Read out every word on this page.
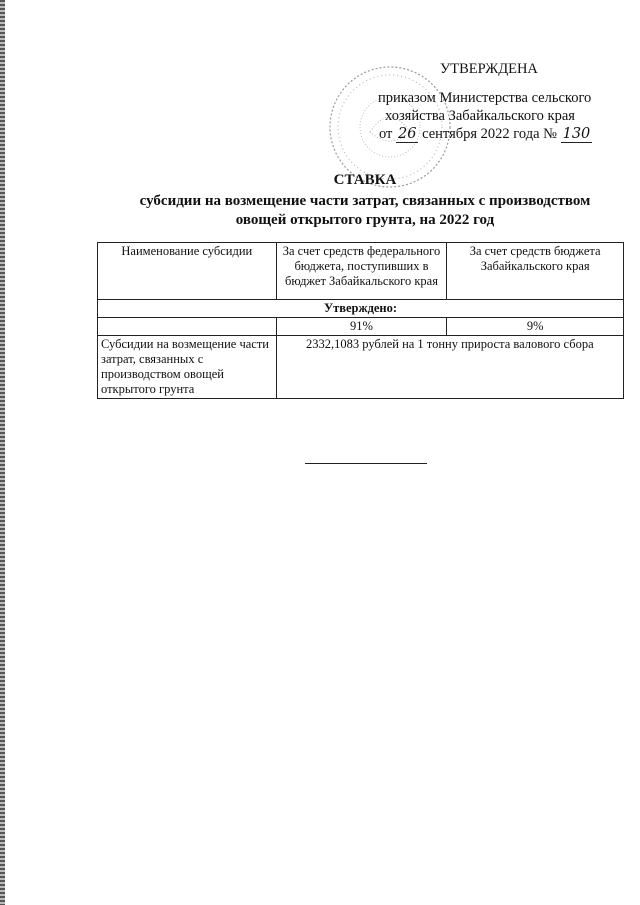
УТВЕРЖДЕНА
приказом Министерства сельского
хозяйства Забайкальского края
от 26 сентября 2022 года № 130
СТАВКА
субсидии на возмещение части затрат, связанных с производством
овощей открытого грунта, на 2022 год
Наименование субсидии	За счет средств федерального бюджета, поступивших в бюджет Забайкальского края	За счет средств бюджета Забайкальского края
Утверждено:		
	91%	9%
Субсидии на возмещение части затрат, связанных с производством овощей открытого грунта	2332,1083 рублей на 1 тонну прироста валового сбора	
